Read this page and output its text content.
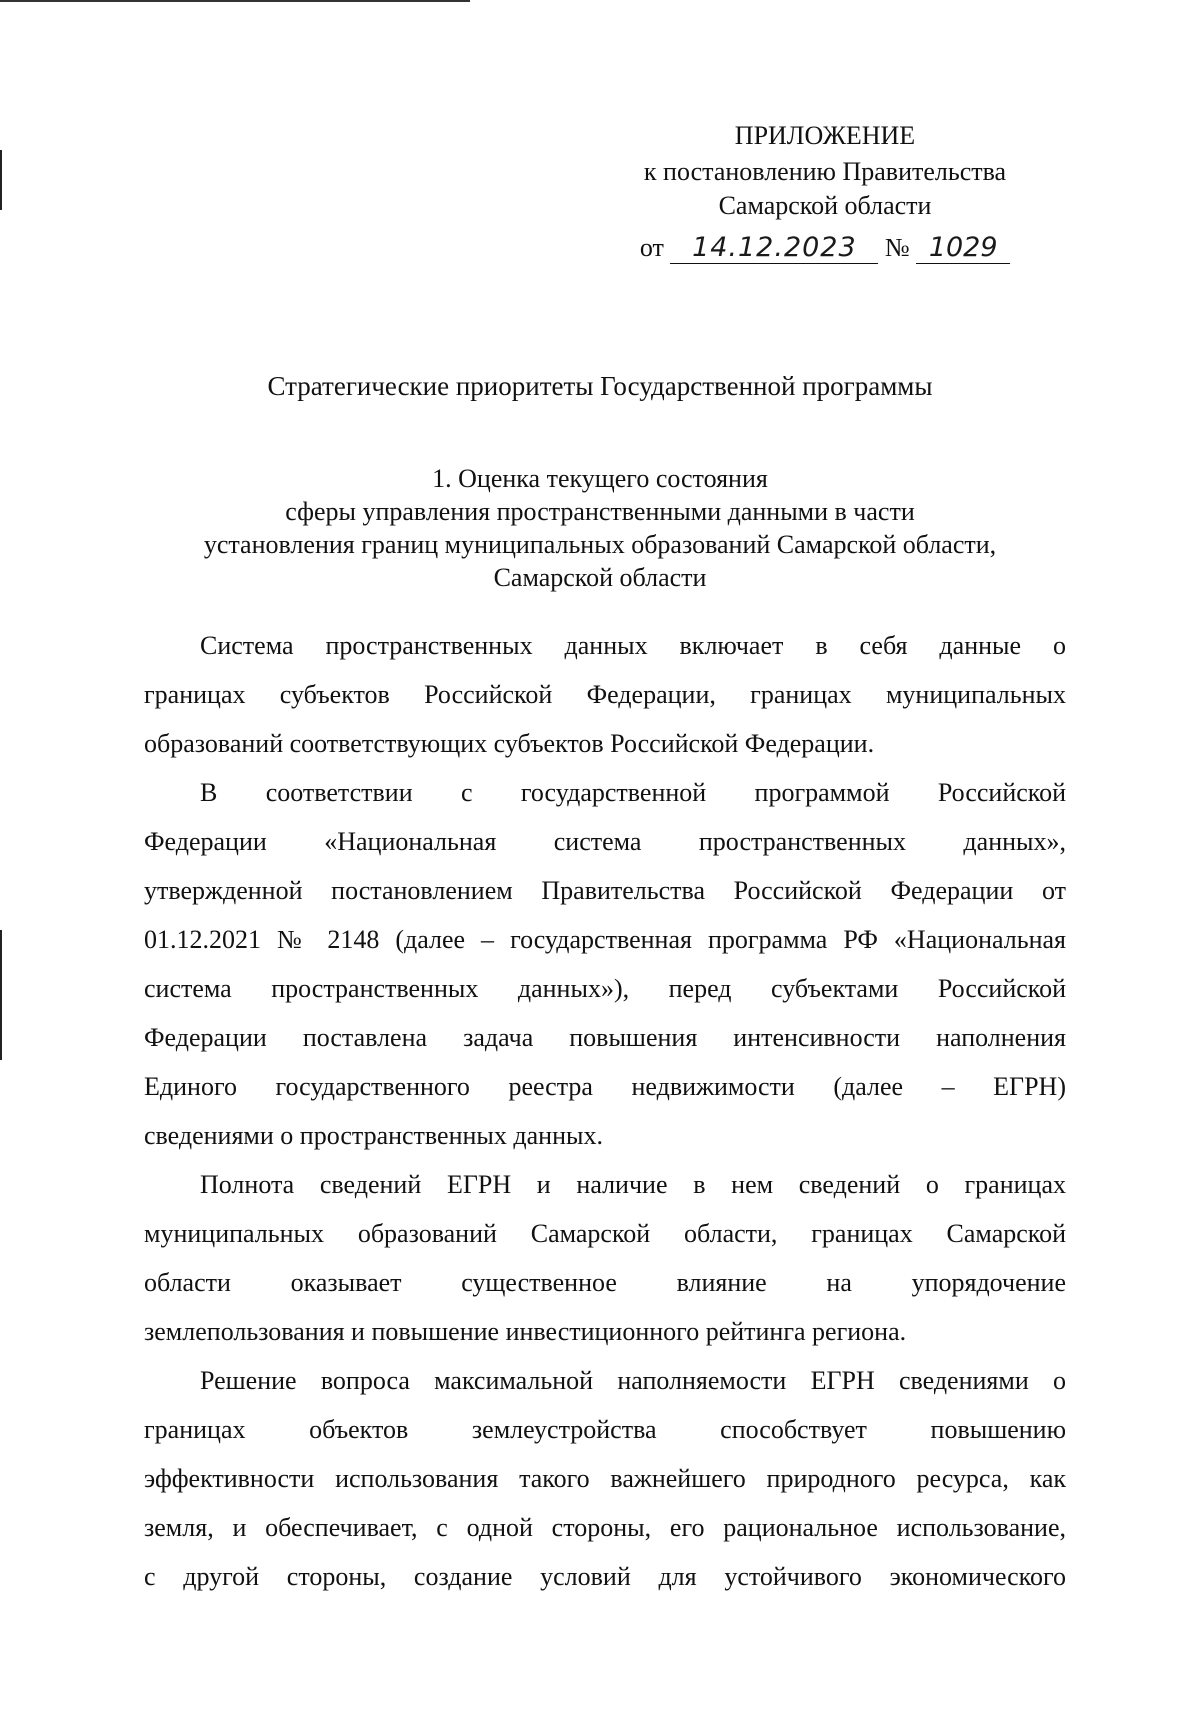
ПРИЛОЖЕНИЕ
к постановлению Правительства
Самарской области
от 14.12.2023 № 1029
Стратегические приоритеты Государственной программы
1. Оценка текущего состояния
сферы управления пространственными данными в части
установления границ муниципальных образований Самарской области,
Самарской области
Система пространственных данных включает в себя данные о
границах субъектов Российской Федерации, границах муниципальных
образований соответствующих субъектов Российской Федерации.
В соответствии с государственной программой Российской
Федерации «Национальная система пространственных данных»,
утвержденной постановлением Правительства Российской Федерации от
01.12.2021 № 2148 (далее – государственная программа РФ «Национальная
система пространственных данных»), перед субъектами Российской
Федерации поставлена задача повышения интенсивности наполнения
Единого государственного реестра недвижимости (далее – ЕГРН)
сведениями о пространственных данных.
Полнота сведений ЕГРН и наличие в нем сведений о границах
муниципальных образований Самарской области, границах Самарской
области оказывает существенное влияние на упорядочение
землепользования и повышение инвестиционного рейтинга региона.
Решение вопроса максимальной наполняемости ЕГРН сведениями о
границах объектов землеустройства способствует повышению
эффективности использования такого важнейшего природного ресурса, как
земля, и обеспечивает, с одной стороны, его рациональное использование,
с другой стороны, создание условий для устойчивого экономического
